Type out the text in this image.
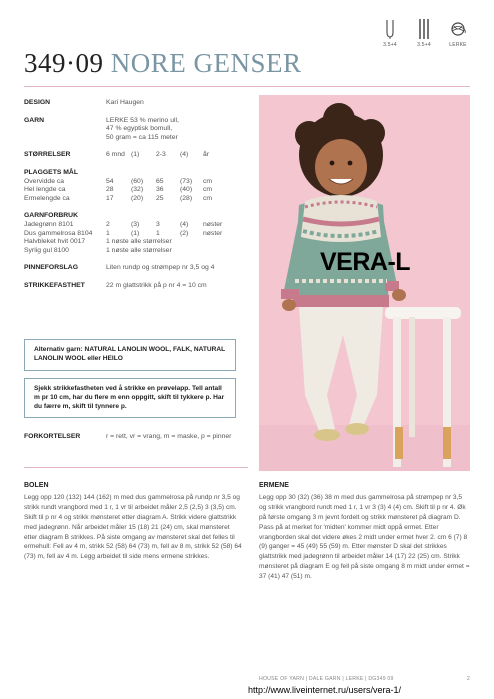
3.5+4	3.5+4	LERKE
349·09 NORE GENSER
DESIGN	Kari Haugen
GARN	LERKE 53 % merino ull,
47 % egyptisk bomull,
50 gram = ca 115 meter
STØRRELSER	6 mnd (1)	2-3	(4)	år
PLAGGETS MÅL
Overvidde ca	54	(60)	65	(73)	cm
Hel lengde ca	28	(32)	36	(40)	cm
Ermelengde ca	17	(20)	25	(28)	cm
GARNFORBRUK
Jadegrønn 8101	2	(3)	3	(4)	nøster
Dus gammelrosa 8104	1	(1)	1	(2)	nøster
Halvbleket hvit 0017	1 nøste alle størrelser
Syrlig gul 8100	1 nøste alle størrelser
PINNEFORSLAG	Liten rundp og strømpep nr 3,5 og 4
STRIKKEFASTHET	22 m glattstrikk på p nr 4 = 10 cm
Alternativ garn: NATURAL LANOLIN WOOL, FALK, NATURAL LANOLIN WOOL eller HEILO
Sjekk strikkefastheten ved å strikke en prøvelapp. Tell antall m pr 10 cm, har du flere m enn oppgitt, skift til tykkere p. Har du færre m, skift til tynnere p.
FORKORTELSER	r = rett, vr = vrang, m = maske, p = pinner
VERA-L
BOLEN

Legg opp 120 (132) 144 (162) m med dus gammelrosa på rundp nr 3,5 og strikk rundt vrangbord med 1 r, 1 vr til arbeidet måler 2,5 (2,5) 3 (3,5) cm. Skift til p nr 4 og strikk mønsteret etter diagram A. Strikk videre glattstrikk med jadegrønn. Når arbeidet måler 15 (18) 21 (24) cm, skal mønsteret etter diagram B strikkes. På siste omgang av mønsteret skal det felles til ermehull: Fell av 4 m, strikk 52 (58) 64 (73) m, fell av 8 m, strikk 52 (58) 64 (73) m, fell av 4 m. Legg arbeidet til side mens ermene strikkes.

ERMENE

Legg opp 30 (32) (36) 38 m med dus gammelrosa på strømpep nr 3,5 og strikk vrangbord rundt med 1 r, 1 vr 3 (3) 4 (4) cm. Skift til p nr 4. Øk på første omgang 3 m jevnt fordelt og strikk mønsteret på diagram D. Pass på at merket for 'midten' kommer midt oppå ermet. Etter vrangborden skal det videre økes 2 midt under ermet hver 2. cm 6 (7) 8 (9) ganger = 45 (49) 55 (59) m. Etter mønster D skal det strikkes glattstrikk med jadegrønn til arbeidet måler 14 (17) 22 (25) cm. Strikk mønsteret på diagram E og fell på siste omgang 8 m midt under ermet = 37 (41) 47 (51) m.

HOUSE OF YARN | DALE GARN | LERKE | DG349 09	2
http://www.liveinternet.ru/users/vera-1/
